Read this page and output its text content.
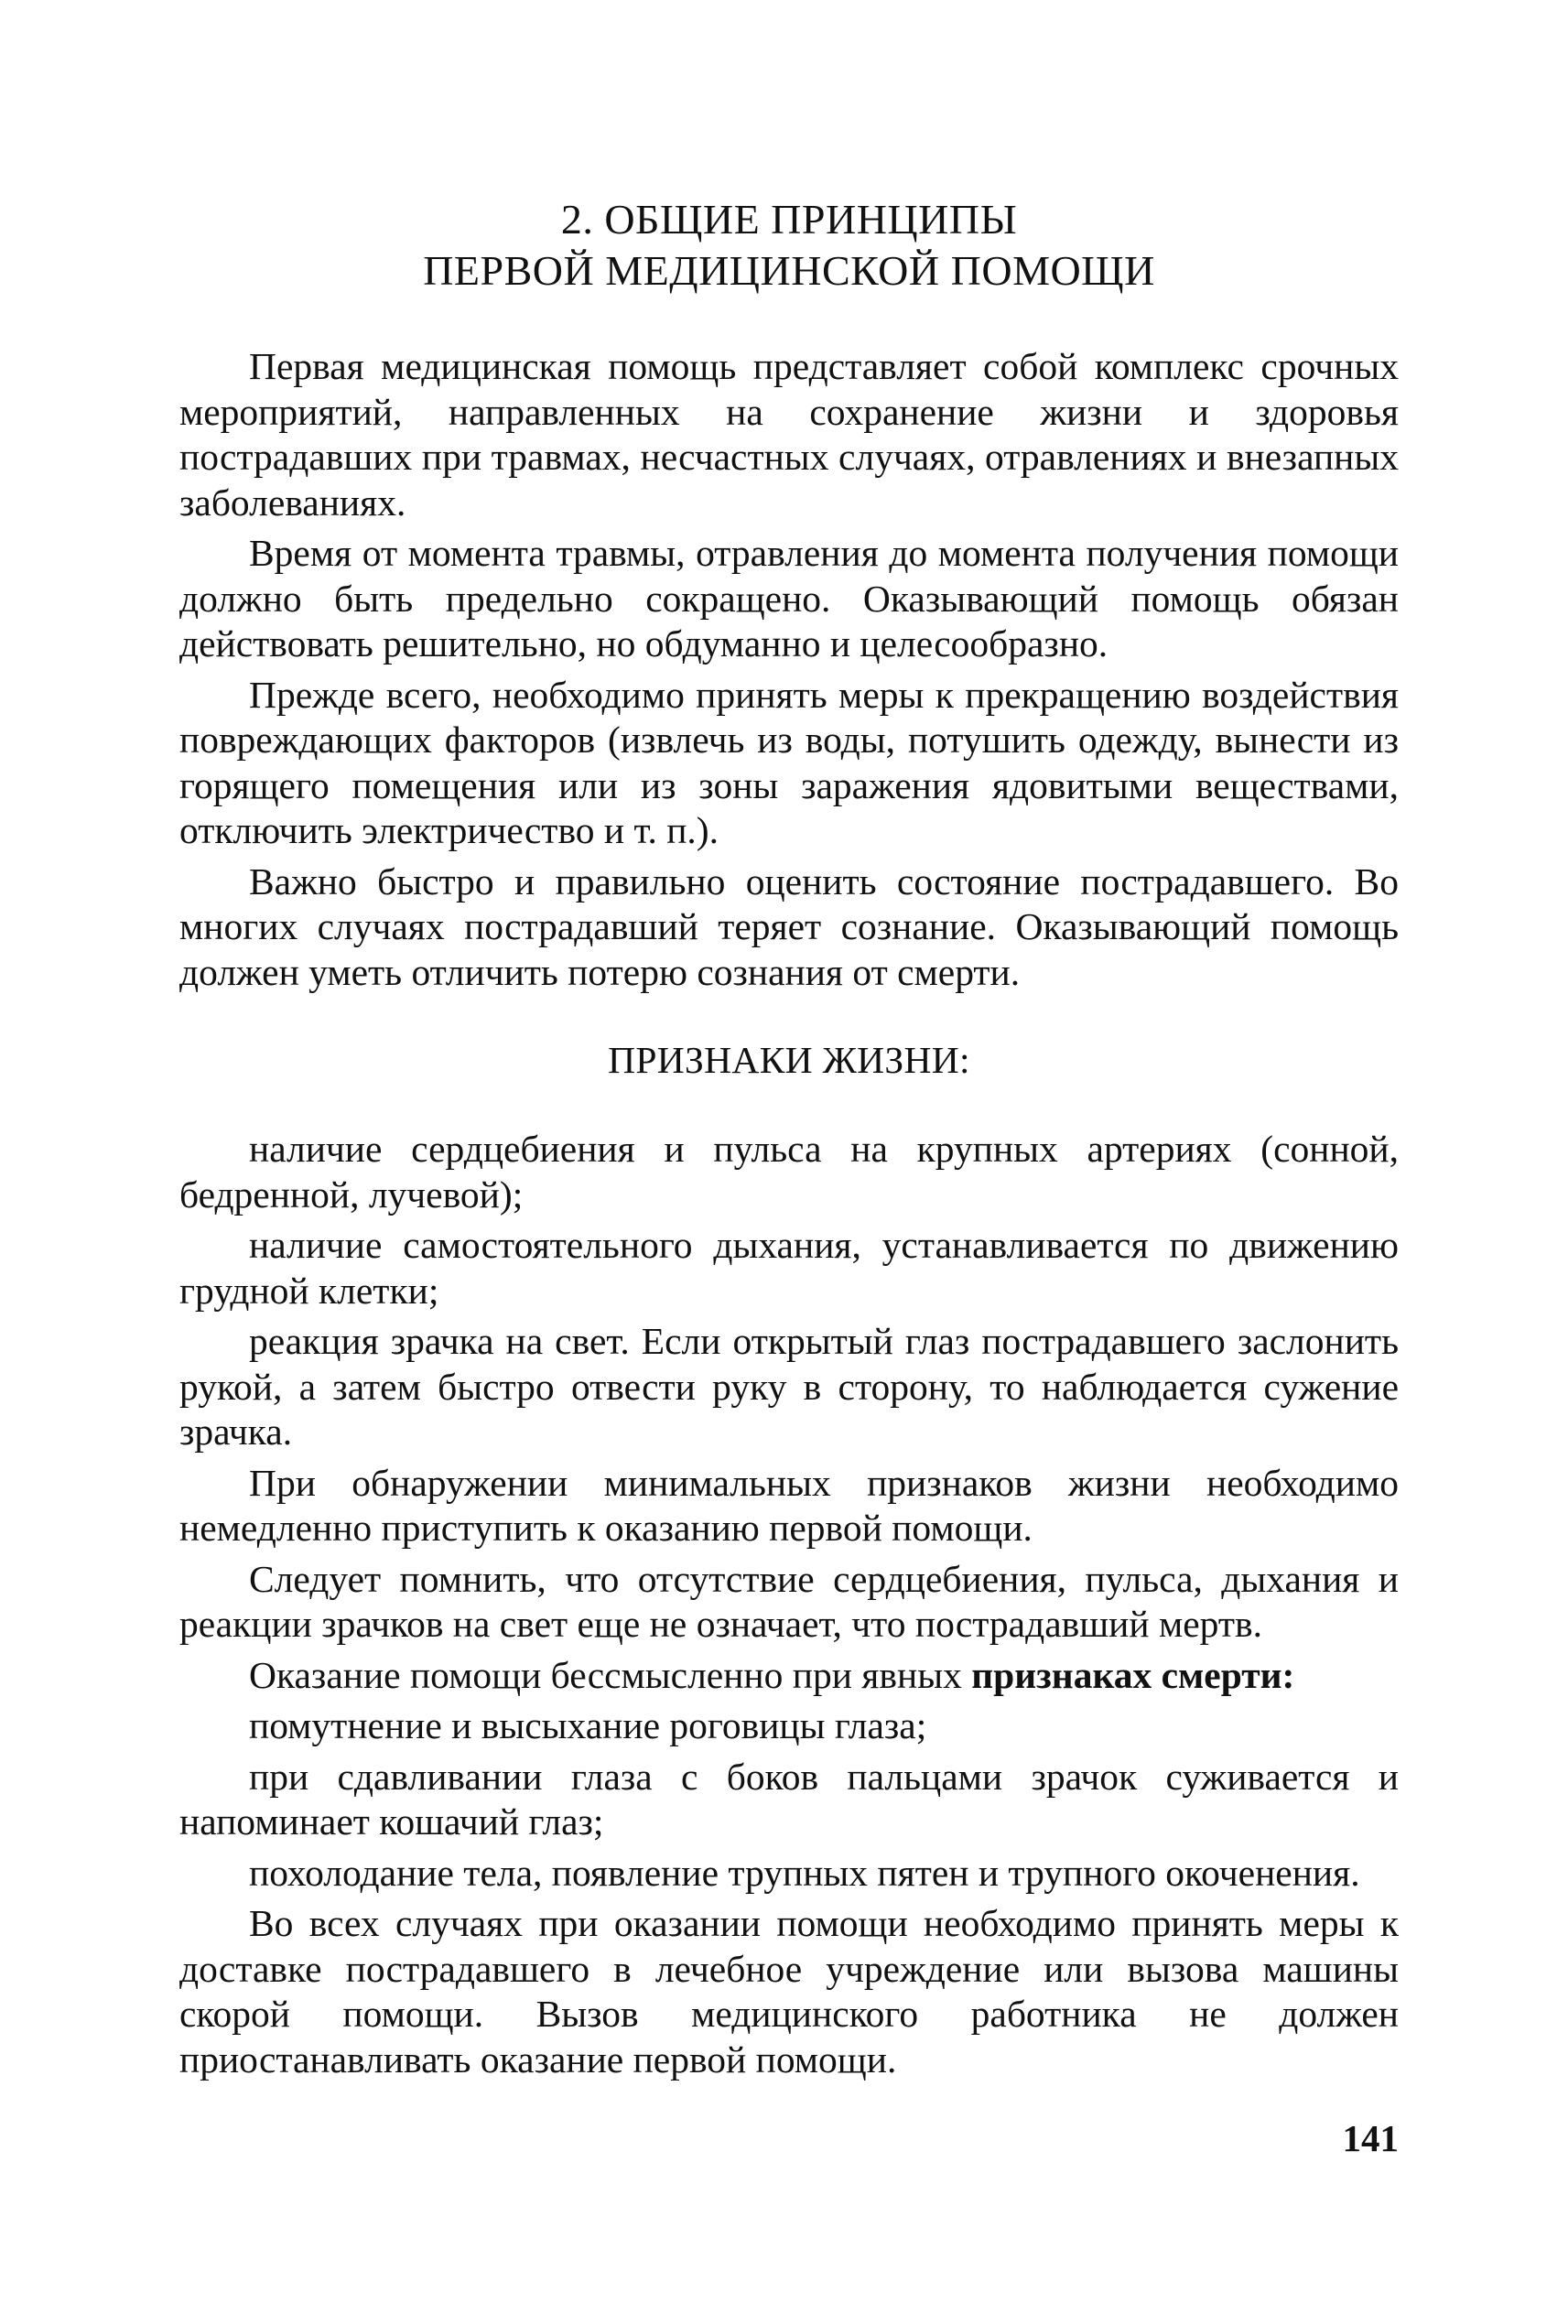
2. ОБЩИЕ ПРИНЦИПЫ
ПЕРВОЙ МЕДИЦИНСКОЙ ПОМОЩИ

Первая медицинская помощь представляет собой комплекс срочных мероприятий, направленных на сохранение жизни и здоровья пострадавших при травмах, несчастных случаях, отравлениях и внезапных заболеваниях.

Время от момента травмы, отравления до момента получения помощи должно быть предельно сокращено. Оказывающий помощь обязан действовать решительно, но обдуманно и целесообразно.

Прежде всего, необходимо принять меры к прекращению воздействия повреждающих факторов (извлечь из воды, потушить одежду, вынести из горящего помещения или из зоны заражения ядовитыми веществами, отключить электричество и т. п.).

Важно быстро и правильно оценить состояние пострадавшего. Во многих случаях пострадавший теряет сознание. Оказывающий помощь должен уметь отличить потерю сознания от смерти.

ПРИЗНАКИ ЖИЗНИ:

наличие сердцебиения и пульса на крупных артериях (сонной, бедренной, лучевой);

наличие самостоятельного дыхания, устанавливается по движению грудной клетки;

реакция зрачка на свет. Если открытый глаз пострадавшего заслонить рукой, а затем быстро отвести руку в сторону, то наблюдается сужение зрачка.

При обнаружении минимальных признаков жизни необходимо немедленно приступить к оказанию первой помощи.

Следует помнить, что отсутствие сердцебиения, пульса, дыхания и реакции зрачков на свет еще не означает, что пострадавший мертв.

Оказание помощи бессмысленно при явных признаках смерти:

помутнение и высыхание роговицы глаза;

при сдавливании глаза с боков пальцами зрачок суживается и напоминает кошачий глаз;

похолодание тела, появление трупных пятен и трупного окоченения.

Во всех случаях при оказании помощи необходимо принять меры к доставке пострадавшего в лечебное учреждение или вызова машины скорой помощи. Вызов медицинского работника не должен приостанавливать оказание первой помощи.

141
